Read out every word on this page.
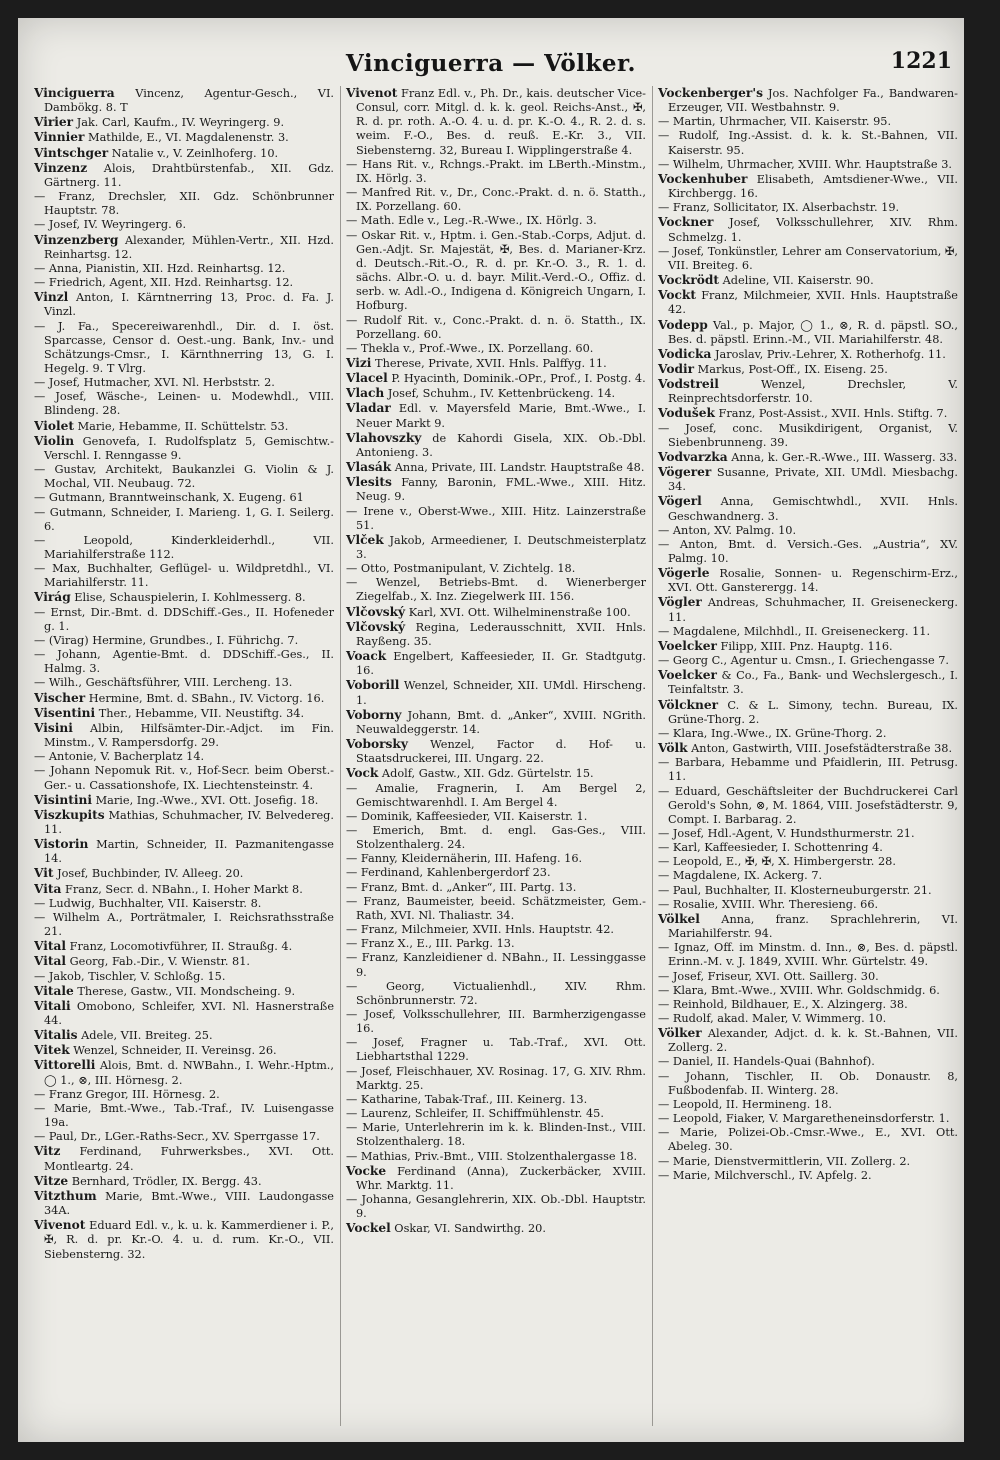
Vinciguerra — Völker.	1221

Vinciguerra Vincenz, Agentur-Gesch., VI. Dambökg. 8. T

Virier Jak. Carl, Kaufm., IV. Weyringerg. 9.

Vinnier Mathilde, E., VI. Magdalenenstr. 3.

Vintschger Natalie v., V. Zeinlhoferg. 10.

Vinzenz Alois, Drahtbürstenfab., XII. Gdz. Gärtnerg. 11.

— Franz, Drechsler, XII. Gdz. Schönbrunner Hauptstr. 78.

— Josef, IV. Weyringerg. 6.

Vinzenzberg Alexander, Mühlen-Vertr., XII. Hzd. Reinhartsg. 12.

— Anna, Pianistin, XII. Hzd. Reinhartsg. 12.

— Friedrich, Agent, XII. Hzd. Reinhartsg. 12.

Vinzl Anton, I. Kärntnerring 13, Proc. d. Fa. J. Vinzl.

— J. Fa., Specereiwarenhdl., Dir. d. I. öst. Sparcasse, Censor d. Oest.-ung. Bank, Inv.- und Schätzungs-Cmsr., I. Kärnthnerring 13, G. I. Hegelg. 9. T Vlrg.

— Josef, Hutmacher, XVI. Nl. Herbststr. 2.

— Josef, Wäsche-, Leinen- u. Modewhdl., VIII. Blindeng. 28.

Violet Marie, Hebamme, II. Schüttelstr. 53.

Violin Genovefa, I. Rudolfsplatz 5, Gemischtw.-Verschl. I. Renngasse 9.

— Gustav, Architekt, Baukanzlei G. Violin & J. Mochal, VII. Neubaug. 72.

— Gutmann, Branntweinschank, X. Eugeng. 61

— Gutmann, Schneider, I. Marieng. 1, G. I. Seilerg. 6.

— Leopold, Kinderkleiderhdl., VII. Mariahilferstraße 112.

— Max, Buchhalter, Geflügel- u. Wildpretdhl., VI. Mariahilferstr. 11.

Virág Elise, Schauspielerin, I. Kohlmesserg. 8.

— Ernst, Dir.-Bmt. d. DDSchiff.-Ges., II. Hofeneder g. 1.

— (Virag) Hermine, Grundbes., I. Führichg. 7.

— Johann, Agentie-Bmt. d. DDSchiff.-Ges., II. Halmg. 3.

— Wilh., Geschäftsführer, VIII. Lercheng. 13.

Vischer Hermine, Bmt. d. SBahn., IV. Victorg. 16.

Visentini Ther., Hebamme, VII. Neustiftg. 34.

Visini Albin, Hilfsämter-Dir.-Adjct. im Fin. Minstm., V. Rampersdorfg. 29.

— Antonie, V. Bacherplatz 14.

— Johann Nepomuk Rit. v., Hof-Secr. beim Oberst.-Ger.- u. Cassationshofe, IX. Liechtensteinstr. 4.

Visintini Marie, Ing.-Wwe., XVI. Ott. Josefig. 18.

Viszkupits Mathias, Schuhmacher, IV. Belvedereg. 11.

Vistorin Martin, Schneider, II. Pazmanitengasse 14.

Vit Josef, Buchbinder, IV. Alleeg. 20.

Vita Franz, Secr. d. NBahn., I. Hoher Markt 8.

— Ludwig, Buchhalter, VII. Kaiserstr. 8.

— Wilhelm A., Porträtmaler, I. Reichsrathsstraße 21.

Vital Franz, Locomotivführer, II. Straußg. 4.

Vital Georg, Fab.-Dir., V. Wienstr. 81.

— Jakob, Tischler, V. Schloßg. 15.

Vitale Therese, Gastw., VII. Mondscheing. 9.

Vitali Omobono, Schleifer, XVI. Nl. Hasnerstraße 44.

Vitalis Adele, VII. Breiteg. 25.

Vitek Wenzel, Schneider, II. Vereinsg. 26.

Vittorelli Alois, Bmt. d. NWBahn., I. Wehr.-Hptm., ◯ 1., ⊗, III. Hörnesg. 2.

— Franz Gregor, III. Hörnesg. 2.

— Marie, Bmt.-Wwe., Tab.-Traf., IV. Luisengasse 19a.

— Paul, Dr., LGer.-Raths-Secr., XV. Sperrgasse 17.

Vitz Ferdinand, Fuhrwerksbes., XVI. Ott. Montleartg. 24.

Vitze Bernhard, Trödler, IX. Bergg. 43.

Vitzthum Marie, Bmt.-Wwe., VIII. Laudongasse 34A.

Vivenot Eduard Edl. v., k. u. k. Kammerdiener i. P., ✠, R. d. pr. Kr.-O. 4. u. d. rum. Kr.-O., VII. Siebensterng. 32.

Vivenot Franz Edl. v., Ph. Dr., kais. deutscher Vice-Consul, corr. Mitgl. d. k. k. geol. Reichs-Anst., ✠, R. d. pr. roth. A.-O. 4. u. d. pr. K.-O. 4., R. 2. d. s. weim. F.-O., Bes. d. reuß. E.-Kr. 3., VII. Siebensterng. 32, Bureau I. Wipplingerstraße 4.

— Hans Rit. v., Rchngs.-Prakt. im LBerth.-Minstm., IX. Hörlg. 3.

— Manfred Rit. v., Dr., Conc.-Prakt. d. n. ö. Statth., IX. Porzellang. 60.

— Math. Edle v., Leg.-R.-Wwe., IX. Hörlg. 3.

— Oskar Rit. v., Hptm. i. Gen.-Stab.-Corps, Adjut. d. Gen.-Adjt. Sr. Majestät, ✠, Bes. d. Marianer-Krz. d. Deutsch.-Rit.-O., R. d. pr. Kr.-O. 3., R. 1. d. sächs. Albr.-O. u. d. bayr. Milit.-Verd.-O., Offiz. d. serb. w. Adl.-O., Indigena d. Königreich Ungarn, I. Hofburg.

— Rudolf Rit. v., Conc.-Prakt. d. n. ö. Statth., IX. Porzellang. 60.

— Thekla v., Prof.-Wwe., IX. Porzellang. 60.

Vizi Therese, Private, XVII. Hnls. Palffyg. 11.

Vlacel P. Hyacinth, Dominik.-OPr., Prof., I. Postg. 4.

Vlach Josef, Schuhm., IV. Kettenbrückeng. 14.

Vladar Edl. v. Mayersfeld Marie, Bmt.-Wwe., I. Neuer Markt 9.

Vlahovszky de Kahordi Gisela, XIX. Ob.-Dbl. Antonieng. 3.

Vlasák Anna, Private, III. Landstr. Hauptstraße 48.

Vlesits Fanny, Baronin, FML.-Wwe., XIII. Hitz. Neug. 9.

— Irene v., Oberst-Wwe., XIII. Hitz. Lainzerstraße 51.

Vlček Jakob, Armeediener, I. Deutschmeisterplatz 3.

— Otto, Postmanipulant, V. Zichtelg. 18.

— Wenzel, Betriebs-Bmt. d. Wienerberger Ziegelfab., X. Inz. Ziegelwerk III. 156.

Vlčovský Karl, XVI. Ott. Wilhelminenstraße 100.

Vlčovský Regina, Lederausschnitt, XVII. Hnls. Rayßeng. 35.

Voack Engelbert, Kaffeesieder, II. Gr. Stadtgutg. 16.

Voborill Wenzel, Schneider, XII. UMdl. Hirscheng. 1.

Voborny Johann, Bmt. d. „Anker“, XVIII. NGrith. Neuwaldeggerstr. 14.

Voborsky Wenzel, Factor d. Hof- u. Staatsdruckerei, III. Ungarg. 22.

Vock Adolf, Gastw., XII. Gdz. Gürtelstr. 15.

— Amalie, Fragnerin, I. Am Bergel 2, Gemischtwarenhdl. I. Am Bergel 4.

— Dominik, Kaffeesieder, VII. Kaiserstr. 1.

— Emerich, Bmt. d. engl. Gas-Ges., VIII. Stolzenthalerg. 24.

— Fanny, Kleidernäherin, III. Hafeng. 16.

— Ferdinand, Kahlenbergerdorf 23.

— Franz, Bmt. d. „Anker“, III. Partg. 13.

— Franz, Baumeister, beeid. Schätzmeister, Gem.-Rath, XVI. Nl. Thaliastr. 34.

— Franz, Milchmeier, XVII. Hnls. Hauptstr. 42.

— Franz X., E., III. Parkg. 13.

— Franz, Kanzleidiener d. NBahn., II. Lessinggasse 9.

— Georg, Victualienhdl., XIV. Rhm. Schönbrunnerstr. 72.

— Josef, Volksschullehrer, III. Barmherzigengasse 16.

— Josef, Fragner u. Tab.-Traf., XVI. Ott. Liebhartsthal 1229.

— Josef, Fleischhauer, XV. Rosinag. 17, G. XIV. Rhm. Marktg. 25.

— Katharine, Tabak-Traf., III. Keinerg. 13.

— Laurenz, Schleifer, II. Schiffmühlenstr. 45.

— Marie, Unterlehrerin im k. k. Blinden-Inst., VIII. Stolzenthalerg. 18.

— Mathias, Priv.-Bmt., VIII. Stolzenthalergasse 18.

Vocke Ferdinand (Anna), Zuckerbäcker, XVIII. Whr. Marktg. 11.

— Johanna, Gesanglehrerin, XIX. Ob.-Dbl. Hauptstr. 9.

Vockel Oskar, VI. Sandwirthg. 20.

Vockenberger's Jos. Nachfolger Fa., Bandwaren-Erzeuger, VII. Westbahnstr. 9.

— Martin, Uhrmacher, VII. Kaiserstr. 95.

— Rudolf, Ing.-Assist. d. k. k. St.-Bahnen, VII. Kaiserstr. 95.

— Wilhelm, Uhrmacher, XVIII. Whr. Hauptstraße 3.

Vockenhuber Elisabeth, Amtsdiener-Wwe., VII. Kirchbergg. 16.

— Franz, Sollicitator, IX. Alserbachstr. 19.

Vockner Josef, Volksschullehrer, XIV. Rhm. Schmelzg. 1.

— Josef, Tonkünstler, Lehrer am Conservatorium, ✠, VII. Breiteg. 6.

Vockrödt Adeline, VII. Kaiserstr. 90.

Vockt Franz, Milchmeier, XVII. Hnls. Hauptstraße 42.

Vodepp Val., p. Major, ◯ 1., ⊗, R. d. päpstl. SO., Bes. d. päpstl. Erinn.-M., VII. Mariahilferstr. 48.

Vodicka Jaroslav, Priv.-Lehrer, X. Rotherhofg. 11.

Vodir Markus, Post-Off., IX. Eiseng. 25.

Vodstreil Wenzel, Drechsler, V. Reinprechtsdorferstr. 10.

Vodušek Franz, Post-Assist., XVII. Hnls. Stiftg. 7.

— Josef, conc. Musikdirigent, Organist, V. Siebenbrunneng. 39.

Vodvarzka Anna, k. Ger.-R.-Wwe., III. Wasserg. 33.

Vögerer Susanne, Private, XII. UMdl. Miesbachg. 34.

Vögerl Anna, Gemischtwhdl., XVII. Hnls. Geschwandnerg. 3.

— Anton, XV. Palmg. 10.

— Anton, Bmt. d. Versich.-Ges. „Austria“, XV. Palmg. 10.

Vögerle Rosalie, Sonnen- u. Regenschirm-Erz., XVI. Ott. Gansterergg. 14.

Vögler Andreas, Schuhmacher, II. Greiseneckerg. 11.

— Magdalene, Milchhdl., II. Greiseneckerg. 11.

Voelcker Filipp, XIII. Pnz. Hauptg. 116.

— Georg C., Agentur u. Cmsn., I. Griechengasse 7.

Voelcker & Co., Fa., Bank- und Wechslergesch., I. Teinfaltstr. 3.

Völckner C. & L. Simony, techn. Bureau, IX. Grüne-Thorg. 2.

— Klara, Ing.-Wwe., IX. Grüne-Thorg. 2.

Völk Anton, Gastwirth, VIII. Josefstädterstraße 38.

— Barbara, Hebamme und Pfaidlerin, III. Petrusg. 11.

— Eduard, Geschäftsleiter der Buchdruckerei Carl Gerold's Sohn, ⊗, M. 1864, VIII. Josefstädterstr. 9, Compt. I. Barbarag. 2.

— Josef, Hdl.-Agent, V. Hundsthurmerstr. 21.

— Karl, Kaffeesieder, I. Schottenring 4.

— Leopold, E., ✠, ✠, X. Himbergerstr. 28.

— Magdalene, IX. Ackerg. 7.

— Paul, Buchhalter, II. Klosterneuburgerstr. 21.

— Rosalie, XVIII. Whr. Theresieng. 66.

Völkel Anna, franz. Sprachlehrerin, VI. Mariahilferstr. 94.

— Ignaz, Off. im Minstm. d. Inn., ⊗, Bes. d. päpstl. Erinn.-M. v. J. 1849, XVIII. Whr. Gürtelstr. 49.

— Josef, Friseur, XVI. Ott. Saillerg. 30.

— Klara, Bmt.-Wwe., XVIII. Whr. Goldschmidg. 6.

— Reinhold, Bildhauer, E., X. Alzingerg. 38.

— Rudolf, akad. Maler, V. Wimmerg. 10.

Völker Alexander, Adjct. d. k. k. St.-Bahnen, VII. Zollerg. 2.

— Daniel, II. Handels-Quai (Bahnhof).

— Johann, Tischler, II. Ob. Donaustr. 8, Fußbodenfab. II. Winterg. 28.

— Leopold, II. Hermineng. 18.

— Leopold, Fiaker, V. Margaretheneinsdorferstr. 1.

— Marie, Polizei-Ob.-Cmsr.-Wwe., E., XVI. Ott. Abeleg. 30.

— Marie, Dienstvermittlerin, VII. Zollerg. 2.

— Marie, Milchverschl., IV. Apfelg. 2.
